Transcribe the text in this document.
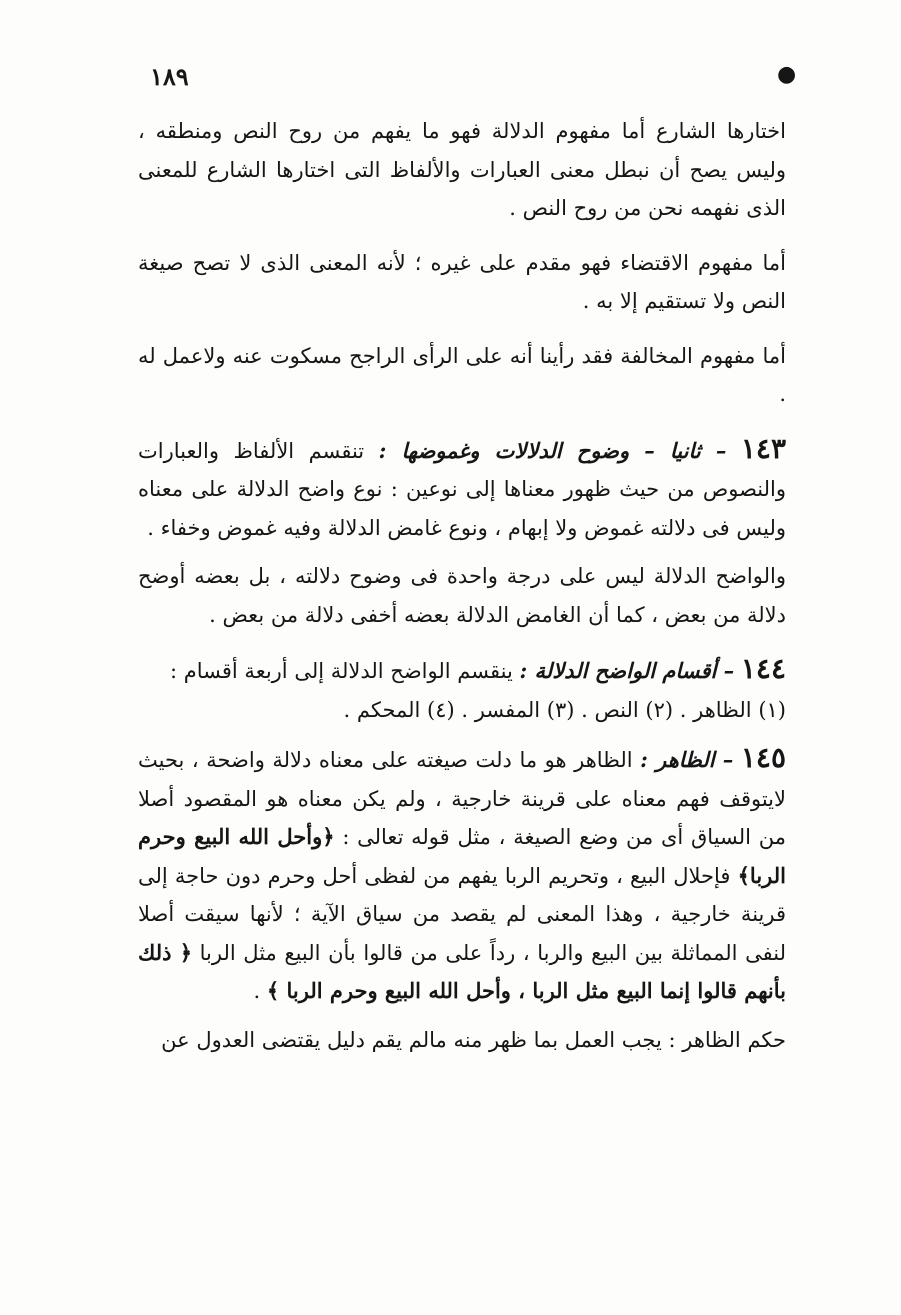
١٨٩	●

اختارها الشارع أما مفهوم الدلالة فهو ما يفهم من روح النص ومنطقه ، وليس يصح أن نبطل معنى العبارات والألفاظ التى اختارها الشارع للمعنى الذى نفهمه نحن من روح النص .

أما مفهوم الاقتضاء فهو مقدم على غيره ؛ لأنه المعنى الذى لا تصح صيغة النص ولا تستقيم إلا به .

أما مفهوم المخالفة فقد رأينا أنه على الرأى الراجح مسكوت عنه ولاعمل له .

١٤٣ – ثانيا – وضوح الدلالات وغموضها : تنقسم الألفاظ والعبارات والنصوص من حيث ظهور معناها إلى نوعين : نوع واضح الدلالة على معناه وليس فى دلالته غموض ولا إبهام ، ونوع غامض الدلالة وفيه غموض وخفاء .

والواضح الدلالة ليس على درجة واحدة فى وضوح دلالته ، بل بعضه أوضح دلالة من بعض ، كما أن الغامض الدلالة بعضه أخفى دلالة من بعض .

١٤٤ – أقسام الواضح الدلالة : ينقسم الواضح الدلالة إلى أربعة أقسام :
(١) الظاهر . (٢) النص . (٣) المفسر . (٤) المحكم .

١٤٥ – الظاهر : الظاهر هو ما دلت صيغته على معناه دلالة واضحة ، بحيث لايتوقف فهم معناه على قرينة خارجية ، ولم يكن معناه هو المقصود أصلا من السياق أى من وضع الصيغة ، مثل قوله تعالى : ﴿وأحل الله البيع وحرم الربا﴾ فإحلال البيع ، وتحريم الربا يفهم من لفظى أحل وحرم دون حاجة إلى قرينة خارجية ، وهذا المعنى لم يقصد من سياق الآية ؛ لأنها سيقت أصلا لنفى المماثلة بين البيع والربا ، رداً على من قالوا بأن البيع مثل الربا ﴿ ذلك بأنهم قالوا إنما البيع مثل الربا ، وأحل الله البيع وحرم الربا ﴾ .

حكم الظاهر : يجب العمل بما ظهر منه مالم يقم دليل يقتضى العدول عن
